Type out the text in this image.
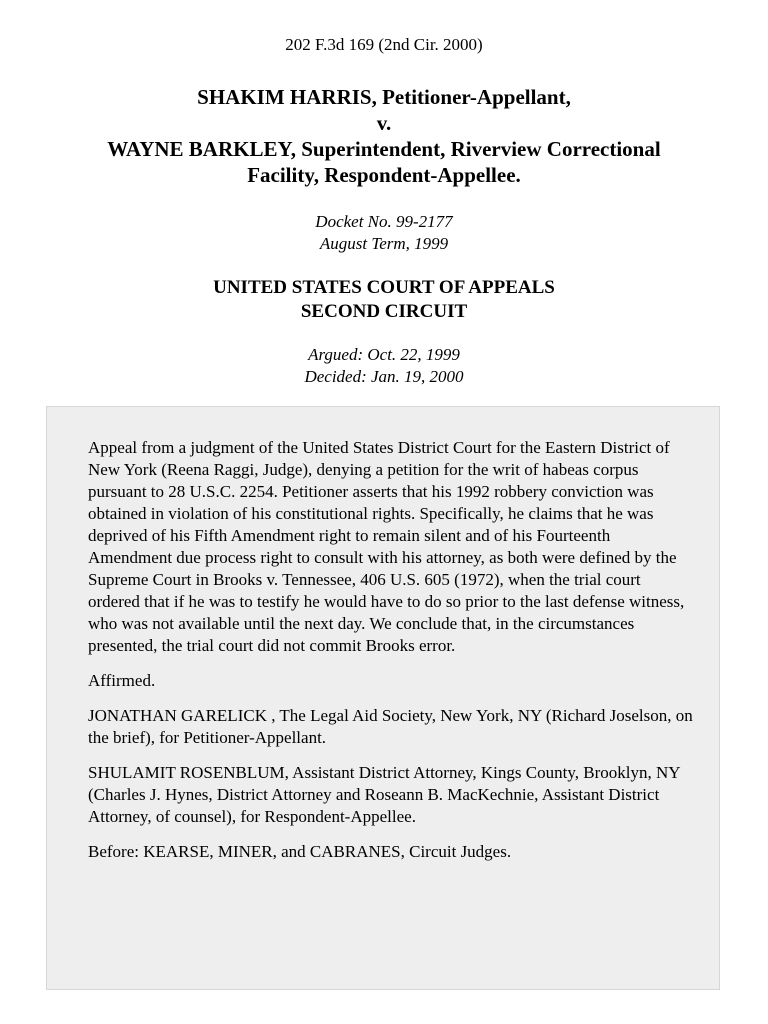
202 F.3d 169 (2nd Cir. 2000)
SHAKIM HARRIS, Petitioner-Appellant,
v.
WAYNE BARKLEY, Superintendent, Riverview Correctional
Facility, Respondent-Appellee.
Docket No. 99-2177
August Term, 1999
UNITED STATES COURT OF APPEALS
SECOND CIRCUIT
Argued: Oct. 22, 1999
Decided: Jan. 19, 2000

Appeal from a judgment of the United States District Court for the Eastern District of New York (Reena Raggi, Judge), denying a petition for the writ of habeas corpus pursuant to 28 U.S.C. 2254. Petitioner asserts that his 1992 robbery conviction was obtained in violation of his constitutional rights. Specifically, he claims that he was deprived of his Fifth Amendment right to remain silent and of his Fourteenth Amendment due process right to consult with his attorney, as both were defined by the Supreme Court in Brooks v. Tennessee, 406 U.S. 605 (1972), when the trial court ordered that if he was to testify he would have to do so prior to the last defense witness, who was not available until the next day. We conclude that, in the circumstances presented, the trial court did not commit Brooks error.

Affirmed.

JONATHAN GARELICK , The Legal Aid Society, New York, NY (Richard Joselson, on the brief), for Petitioner-Appellant.

SHULAMIT ROSENBLUM, Assistant District Attorney, Kings County, Brooklyn, NY (Charles J. Hynes, District Attorney and Roseann B. MacKechnie, Assistant District Attorney, of counsel), for Respondent-Appellee.

Before: KEARSE, MINER, and CABRANES, Circuit Judges.
